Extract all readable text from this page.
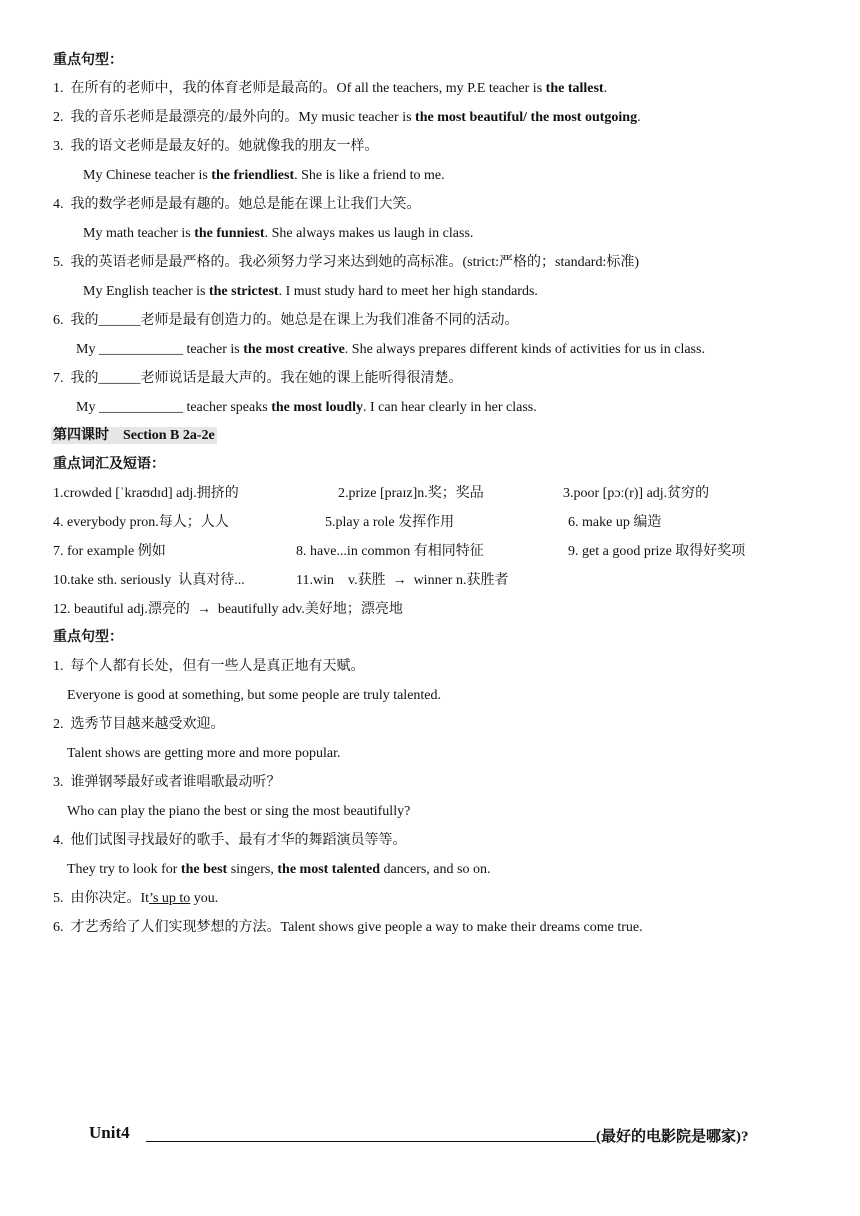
重点句型：
1. 在所有的老师中，我的体育老师是最高的。Of all the teachers, my P.E teacher is the tallest.
2. 我的音乐老师是最漂亮的/最外向的。My music teacher is the most beautiful/ the most outgoing.
3. 我的语文老师是最友好的。她就像我的朋友一样。
My Chinese teacher is the friendliest. She is like a friend to me.
4. 我的数学老师是最有趣的。她总是能在课上让我们大笑。
My math teacher is the funniest. She always makes us laugh in class.
5. 我的英语老师是最严格的。我必须努力学习来达到她的高标准。(strict:严格的；standard:标准)
My English teacher is the strictest. I must study hard to meet her high standards.
6. 我的______老师是最有创造力的。她总是在课上为我们准备不同的活动。
My ____________ teacher is the most creative. She always prepares different kinds of activities for us in class.
7. 我的______老师说话是最大声的。我在她的课上能听得很清楚。
My ____________ teacher speaks the most loudly. I can hear clearly in her class.
第四课时    Section B 2a-2e
重点词汇及短语：
1.crowded [ˈkraʊdɪd] adj.拥挤的	2.prize [praɪz]n.奖；奖品	3.poor [pɔː(r)] adj.贫穷的
4. everybody pron.每人；人人	5.play a role 发挥作用	6. make up 编造
7. for example 例如	8. have...in common 有相同特征	9. get a good prize 取得好奖项
10.take sth. seriously  认真对待...	11.win    v.获胜  →  winner n.获胜者
12. beautiful adj.漂亮的  →  beautifully adv.美好地；漂亮地
重点句型：
1. 每个人都有长处，但有一些人是真正地有天赋。
Everyone is good at something, but some people are truly talented.
2. 选秀节目越来越受欢迎。
Talent shows are getting more and more popular.
3. 谁弹钢琴最好或者谁唱歌最动听？
Who can play the piano the best or sing the most beautifully?
4. 他们试图寻找最好的歌手、最有才华的舞蹈演员等等。
They try to look for the best singers, the most talented dancers, and so on.
5. 由你决定。It’s up to you.
6. 才艺秀给了人们实现梦想的方法。Talent shows give people a way to make their dreams come true.
Unit4	(最好的电影院是哪家)?
